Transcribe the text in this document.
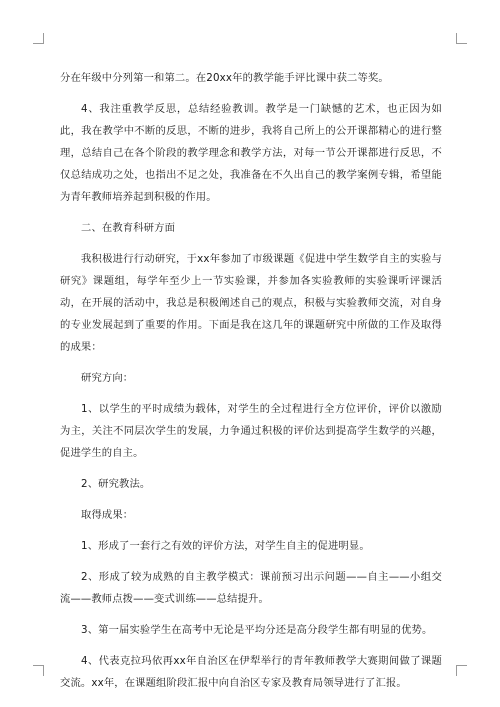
分在年级中分列第一和第二。在20xx年的教学能手评比课中获二等奖。

4、我注重教学反思，总结经验教训。教学是一门缺憾的艺术，也正因为如此，我在教学中不断的反思，不断的进步，我将自己所上的公开课都精心的进行整理，总结自己在各个阶段的教学理念和教学方法，对每一节公开课都进行反思，不仅总结成功之处，也指出不足之处，我准备在不久出自己的教学案例专辑，希望能为青年教师培养起到积极的作用。

二、在教育科研方面

我积极进行行动研究，于xx年参加了市级课题《促进中学生数学自主的实验与研究》课题组，每学年至少上一节实验课，并参加各实验教师的实验课听评课活动，在开展的活动中，我总是积极阐述自己的观点，积极与实验教师交流，对自身的专业发展起到了重要的作用。下面是我在这几年的课题研究中所做的工作及取得的成果：

研究方向：

1、以学生的平时成绩为载体，对学生的全过程进行全方位评价，评价以激励为主，关注不同层次学生的发展，力争通过积极的评价达到提高学生数学的兴趣，促进学生的自主。

2、研究教法。

取得成果：

1、形成了一套行之有效的评价方法，对学生自主的促进明显。

2、形成了较为成熟的自主教学模式：课前预习出示问题——自主——小组交流——教师点拨——变式训练——总结提升。

3、第一届实验学生在高考中无论是平均分还是高分段学生都有明显的优势。

4、代表克拉玛依再xx年自治区在伊犁举行的青年教师教学大赛期间做了课题交流。xx年，在课题组阶段汇报中向自治区专家及教育局领导进行了汇报。
